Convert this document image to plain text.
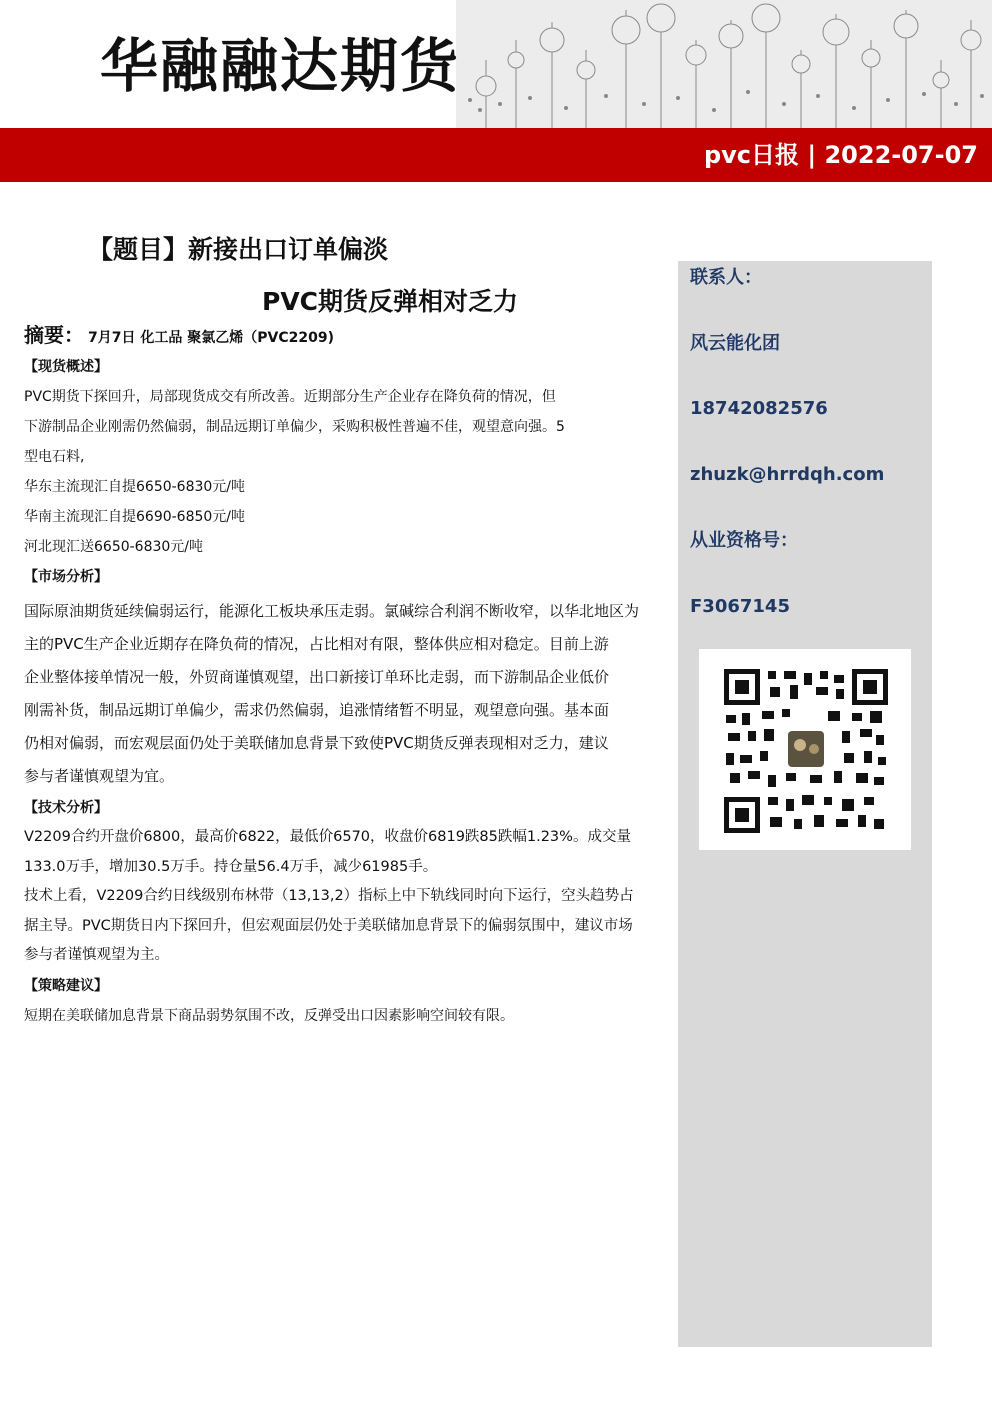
华融融达期货
pvc日报 | 2022-07-07
【题目】新接出口订单偏淡
PVC期货反弹相对乏力
摘要： 7月7日 化工品 聚氯乙烯（PVC2209)
【现货概述】
PVC期货下探回升，局部现货成交有所改善。近期部分生产企业存在降负荷的情况，但
下游制品企业刚需仍然偏弱，制品远期订单偏少，采购积极性普遍不佳，观望意向强。5
型电石料,
华东主流现汇自提6650-6830元/吨
华南主流现汇自提6690-6850元/吨
河北现汇送6650-6830元/吨
【市场分析】
国际原油期货延续偏弱运行，能源化工板块承压走弱。氯碱综合利润不断收窄，以华北地区为
主的PVC生产企业近期存在降负荷的情况，占比相对有限，整体供应相对稳定。目前上游
企业整体接单情况一般，外贸商谨慎观望，出口新接订单环比走弱，而下游制品企业低价
刚需补货，制品远期订单偏少，需求仍然偏弱，追涨情绪暂不明显，观望意向强。基本面
仍相对偏弱，而宏观层面仍处于美联储加息背景下致使PVC期货反弹表现相对乏力，建议
参与者谨慎观望为宜。
【技术分析】
V2209合约开盘价6800，最高价6822，最低价6570，收盘价6819跌85跌幅1.23%。成交量
133.0万手，增加30.5万手。持仓量56.4万手，减少61985手。
技术上看，V2209合约日线级别布林带（13,13,2）指标上中下轨线同时向下运行，空头趋势占
据主导。PVC期货日内下探回升，但宏观面层仍处于美联储加息背景下的偏弱氛围中，建议市场
参与者谨慎观望为主。
【策略建议】
短期在美联储加息背景下商品弱势氛围不改，反弹受出口因素影响空间较有限。
联系人：
风云能化团
18742082576
zhuzk@hrrdqh.com
从业资格号：
F3067145
